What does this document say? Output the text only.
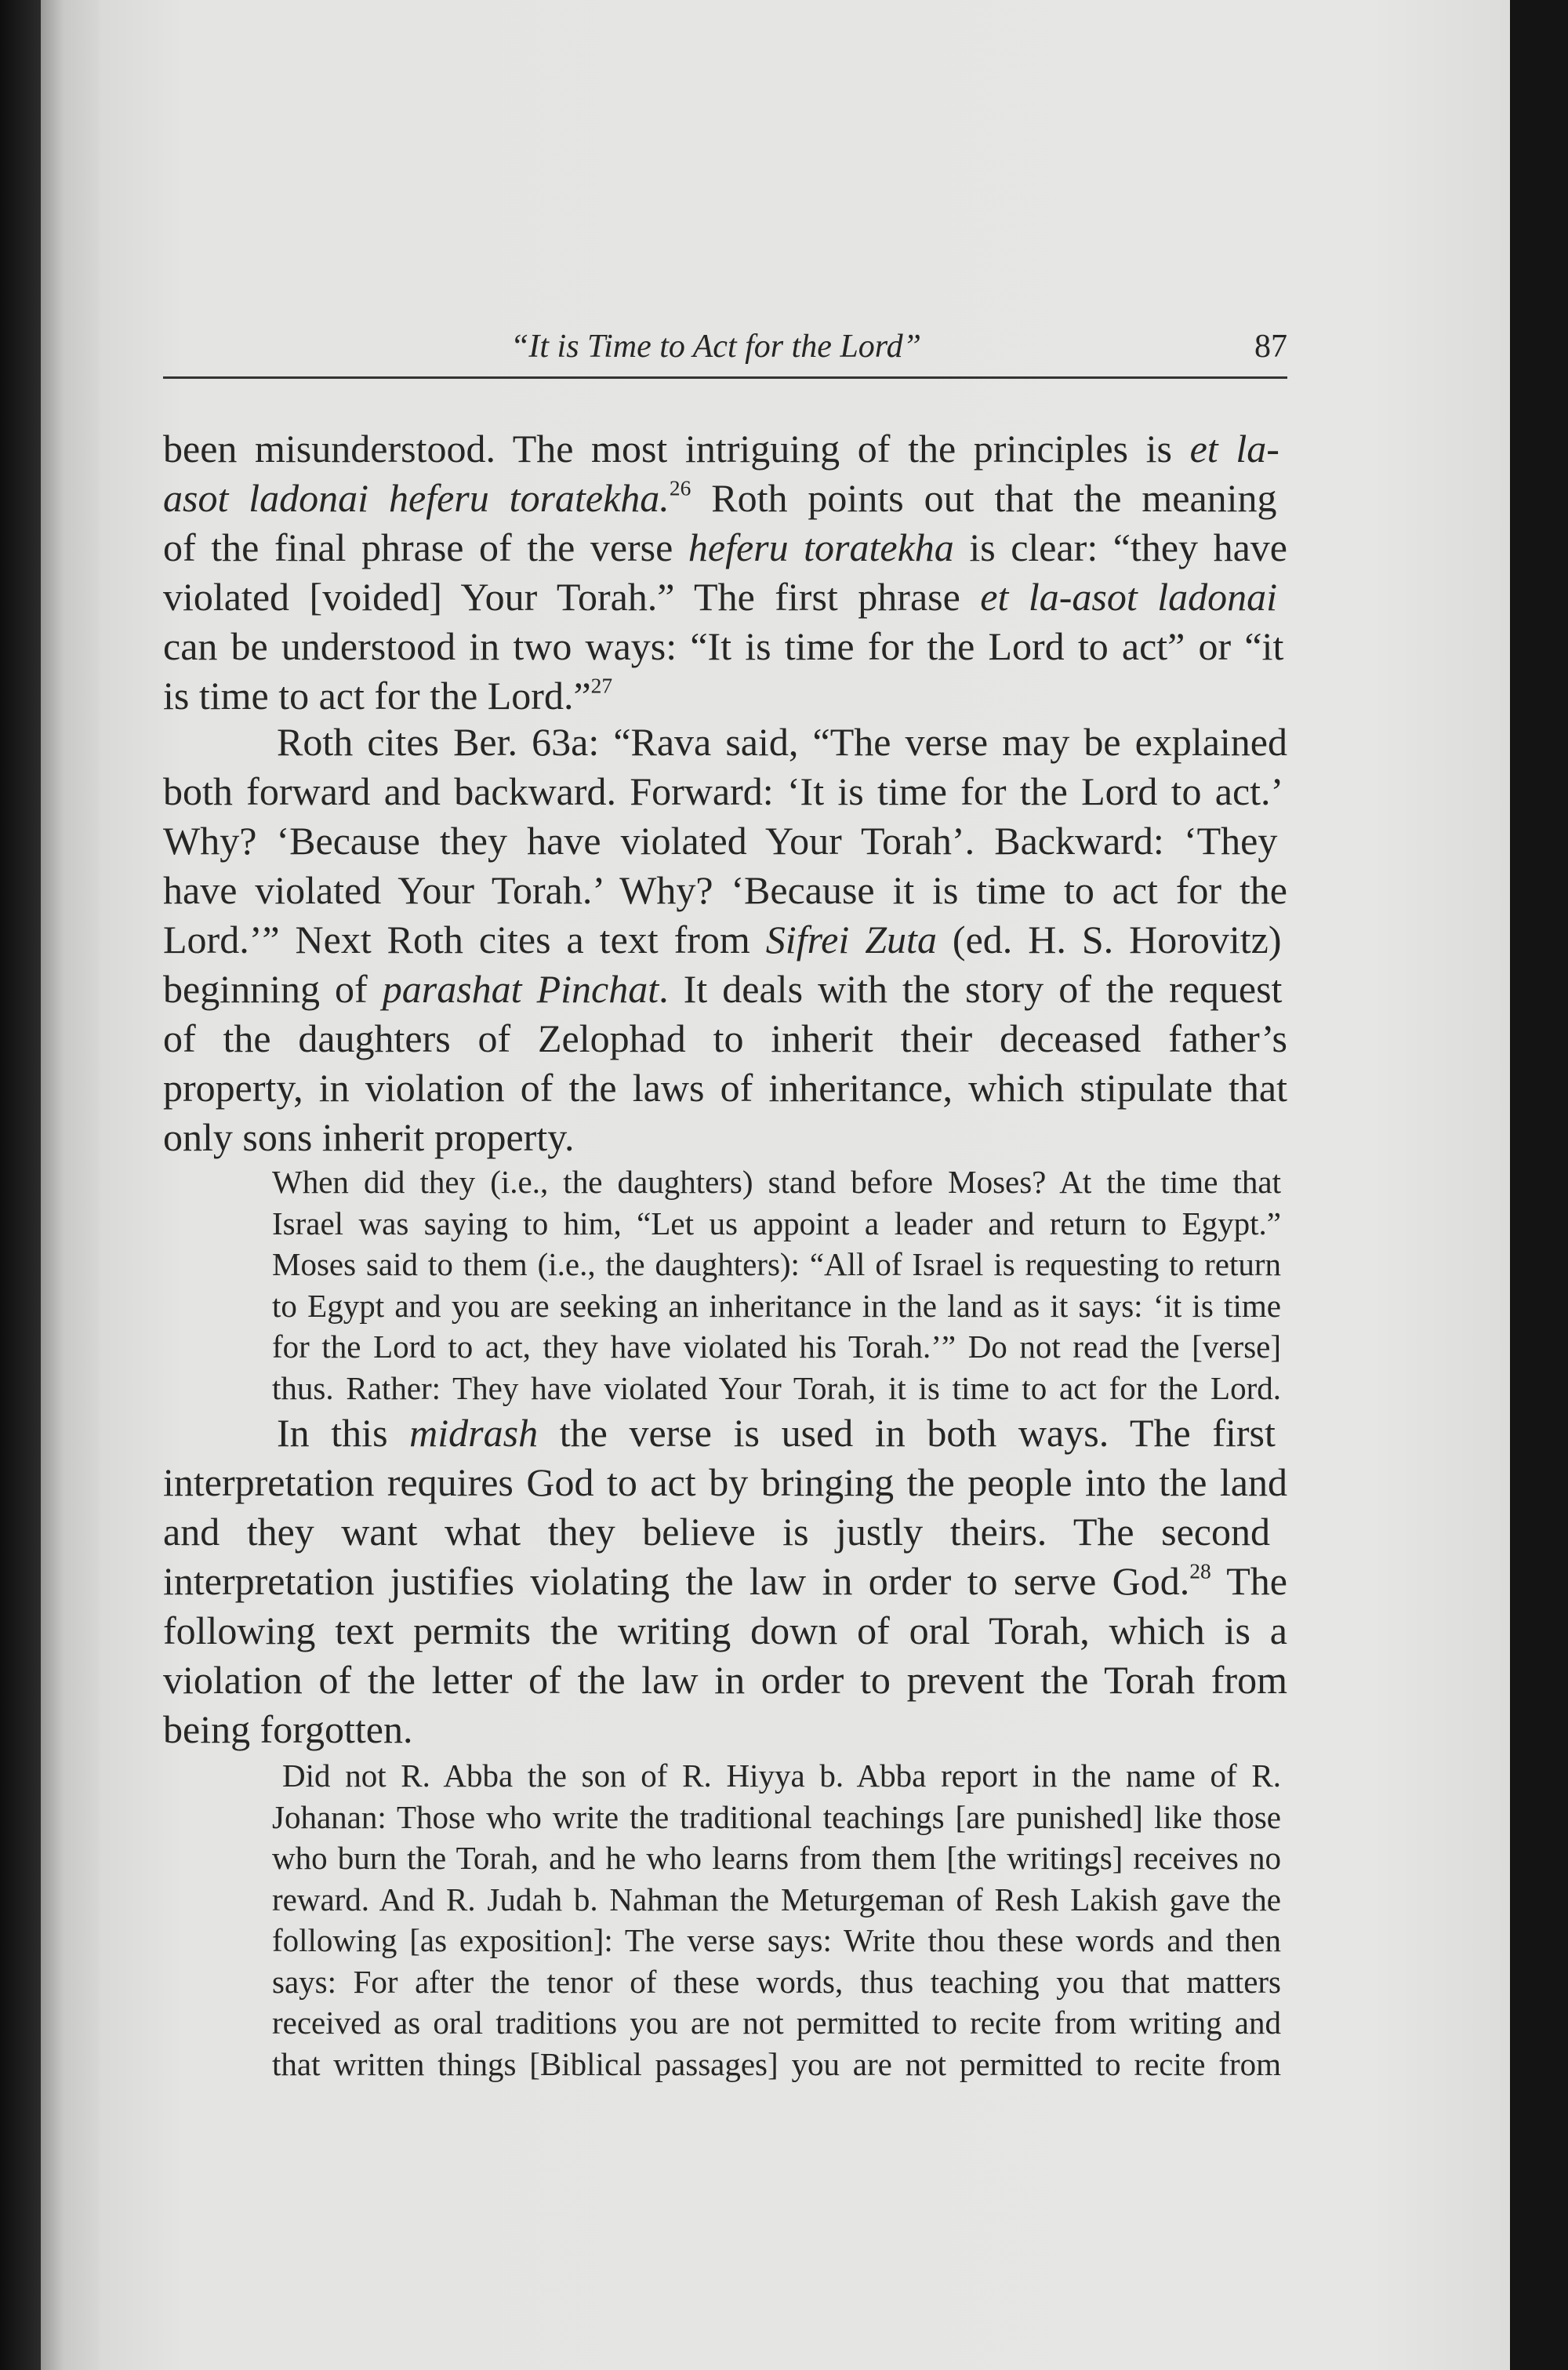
“It is Time to Act for the Lord”	87
been misunderstood. The most intriguing of the principles is et la-
asot ladonai heferu toratekha.$^{26}$ Roth points out that the meaning
of the final phrase of the verse heferu toratekha is clear: “they have
violated [voided] Your Torah.” The first phrase et la-asot ladonai
can be understood in two ways: “It is time for the Lord to act” or “it
is time to act for the Lord.”$^{27}$
Roth cites Ber. 63a: “Rava said, “The verse may be explained
both forward and backward. Forward: ‘It is time for the Lord to act.’
Why? ‘Because they have violated Your Torah’. Backward: ‘They
have violated Your Torah.’ Why? ‘Because it is time to act for the
Lord.’” Next Roth cites a text from Sifrei Zuta (ed. H. S. Horovitz)
beginning of parashat Pinchat. It deals with the story of the request
of the daughters of Zelophad to inherit their deceased father’s
property, in violation of the laws of inheritance, which stipulate that
only sons inherit property.
When did they (i.e., the daughters) stand before Moses? At the time that
Israel was saying to him, “Let us appoint a leader and return to Egypt.”
Moses said to them (i.e., the daughters): “All of Israel is requesting to return
to Egypt and you are seeking an inheritance in the land as it says: ‘it is time
for the Lord to act, they have violated his Torah.’” Do not read the [verse]
thus. Rather: They have violated Your Torah, it is time to act for the Lord.
In this midrash the verse is used in both ways. The first
interpretation requires God to act by bringing the people into the land
and they want what they believe is justly theirs. The second
interpretation justifies violating the law in order to serve God.$^{28}$ The
following text permits the writing down of oral Torah, which is a
violation of the letter of the law in order to prevent the Torah from
being forgotten.
Did not R. Abba the son of R. Hiyya b. Abba report in the name of R.
Johanan: Those who write the traditional teachings [are punished] like those
who burn the Torah, and he who learns from them [the writings] receives no
reward. And R. Judah b. Nahman the Meturgeman of Resh Lakish gave the
following [as exposition]: The verse says: Write thou these words and then
says: For after the tenor of these words, thus teaching you that matters
received as oral traditions you are not permitted to recite from writing and
that written things [Biblical passages] you are not permitted to recite from
